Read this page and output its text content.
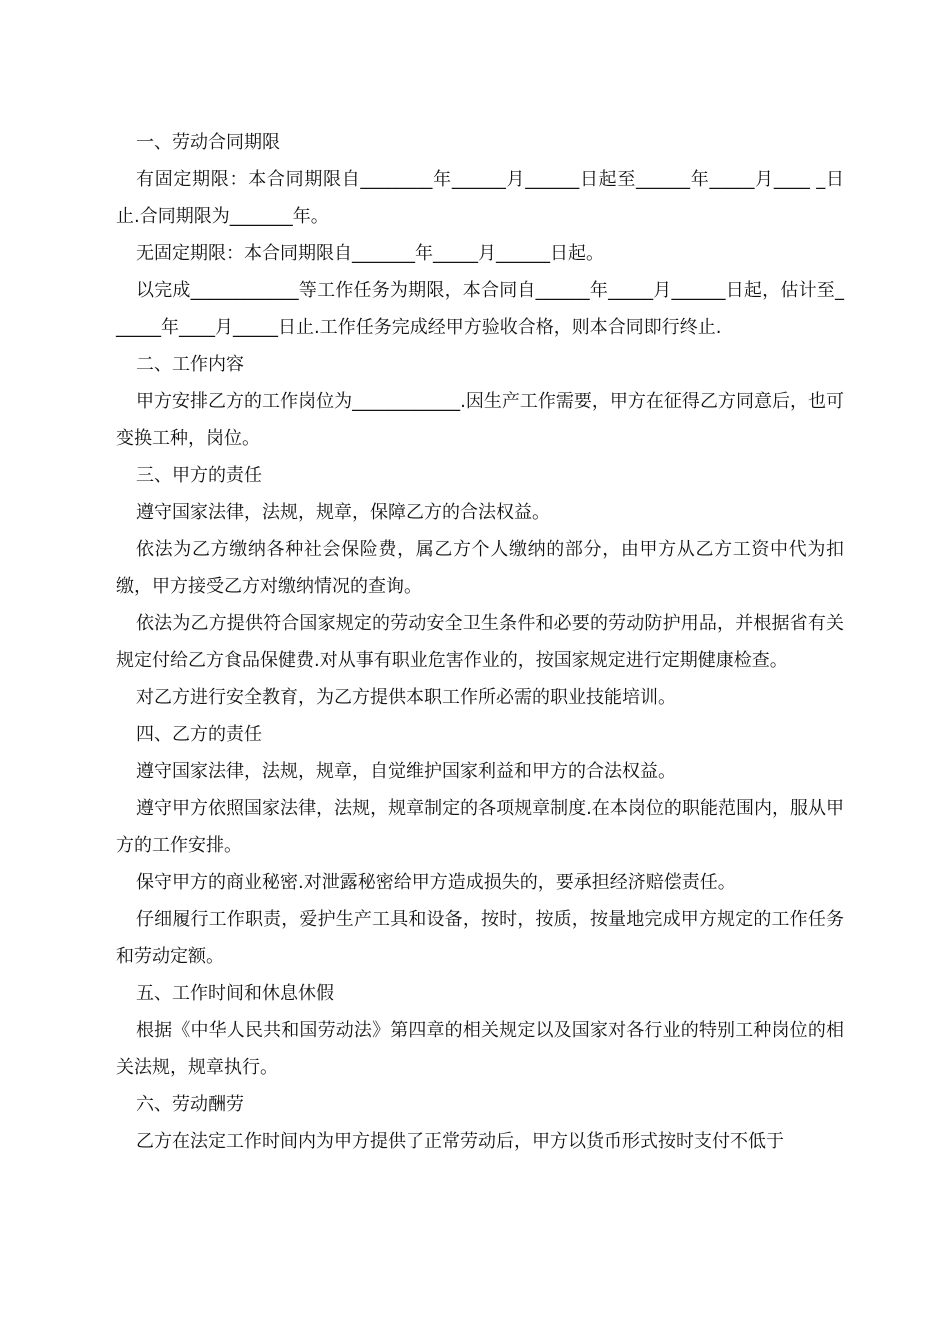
一、劳动合同期限

有固定期限：本合同期限自________年______月______日起至______年_____月____ _日止.合同期限为_______年。

无固定期限：本合同期限自_______年_____月______日起。

以完成____________等工作任务为期限，本合同自______年_____月______日起，估计至______年____月_____日止.工作任务完成经甲方验收合格，则本合同即行终止.

二、工作内容

甲方安排乙方的工作岗位为____________.因生产工作需要，甲方在征得乙方同意后，也可变换工种，岗位。

三、甲方的责任

遵守国家法律，法规，规章，保障乙方的合法权益。

依法为乙方缴纳各种社会保险费，属乙方个人缴纳的部分，由甲方从乙方工资中代为扣缴，甲方接受乙方对缴纳情况的查询。

依法为乙方提供符合国家规定的劳动安全卫生条件和必要的劳动防护用品，并根据省有关规定付给乙方食品保健费.对从事有职业危害作业的，按国家规定进行定期健康检查。

对乙方进行安全教育，为乙方提供本职工作所必需的职业技能培训。

四、乙方的责任

遵守国家法律，法规，规章，自觉维护国家利益和甲方的合法权益。

遵守甲方依照国家法律，法规，规章制定的各项规章制度.在本岗位的职能范围内，服从甲方的工作安排。

保守甲方的商业秘密.对泄露秘密给甲方造成损失的，要承担经济赔偿责任。

仔细履行工作职责，爱护生产工具和设备，按时，按质，按量地完成甲方规定的工作任务和劳动定额。

五、工作时间和休息休假

根据《中华人民共和国劳动法》第四章的相关规定以及国家对各行业的特别工种岗位的相关法规，规章执行。

六、劳动酬劳

乙方在法定工作时间内为甲方提供了正常劳动后，甲方以货币形式按时支付不低于
